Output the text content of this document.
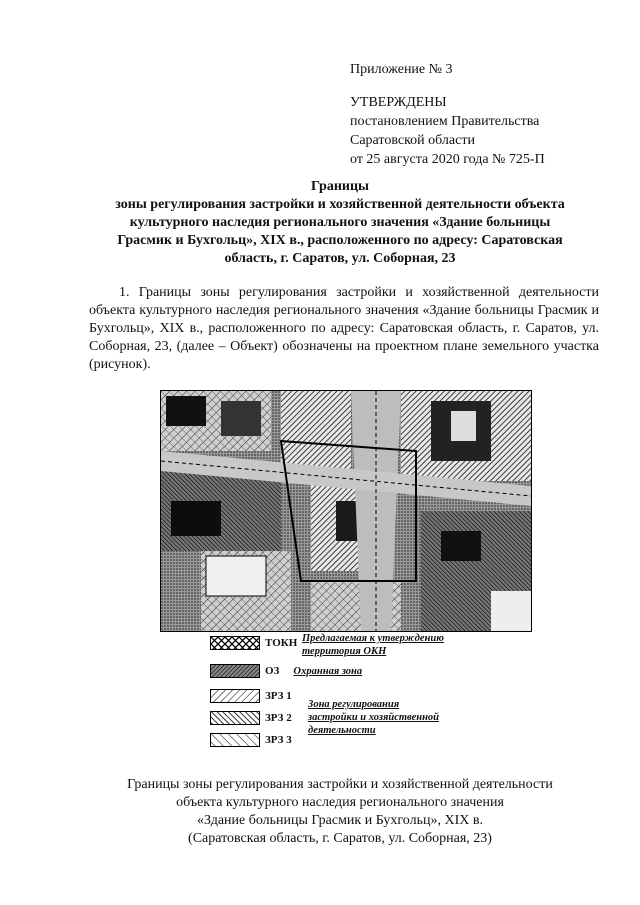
Приложение № 3
УТВЕРЖДЕНЫ
постановлением Правительства
Саратовской области
от 25 августа 2020 года № 725-П
Границы
зоны регулирования застройки и хозяйственной деятельности объекта
культурного наследия регионального значения «Здание больницы
Грасмик и Бухгольц», XIX в., расположенного по адресу: Саратовская
область, г. Саратов, ул. Соборная, 23
1. Границы зоны регулирования застройки и хозяйственной деятельности объекта культурного наследия регионального значения «Здание больницы Грасмик и Бухгольц», XIX в., расположенного по адресу: Саратовская область, г. Саратов, ул. Соборная, 23, (далее – Объект) обозначены на проектном плане земельного участка (рисунок).
ТОКН Предлагаемая к утверждению
территория ОКН
ОЗ Охранная зона
ЗРЗ 1
ЗРЗ 2
ЗРЗ 3
Зона регулирования
застройки и хозяйственной
деятельности
Границы зоны регулирования застройки и хозяйственной деятельности
объекта культурного наследия регионального значения
«Здание больницы Грасмик и Бухгольц», XIX в.
(Саратовская область, г. Саратов, ул. Соборная, 23)
